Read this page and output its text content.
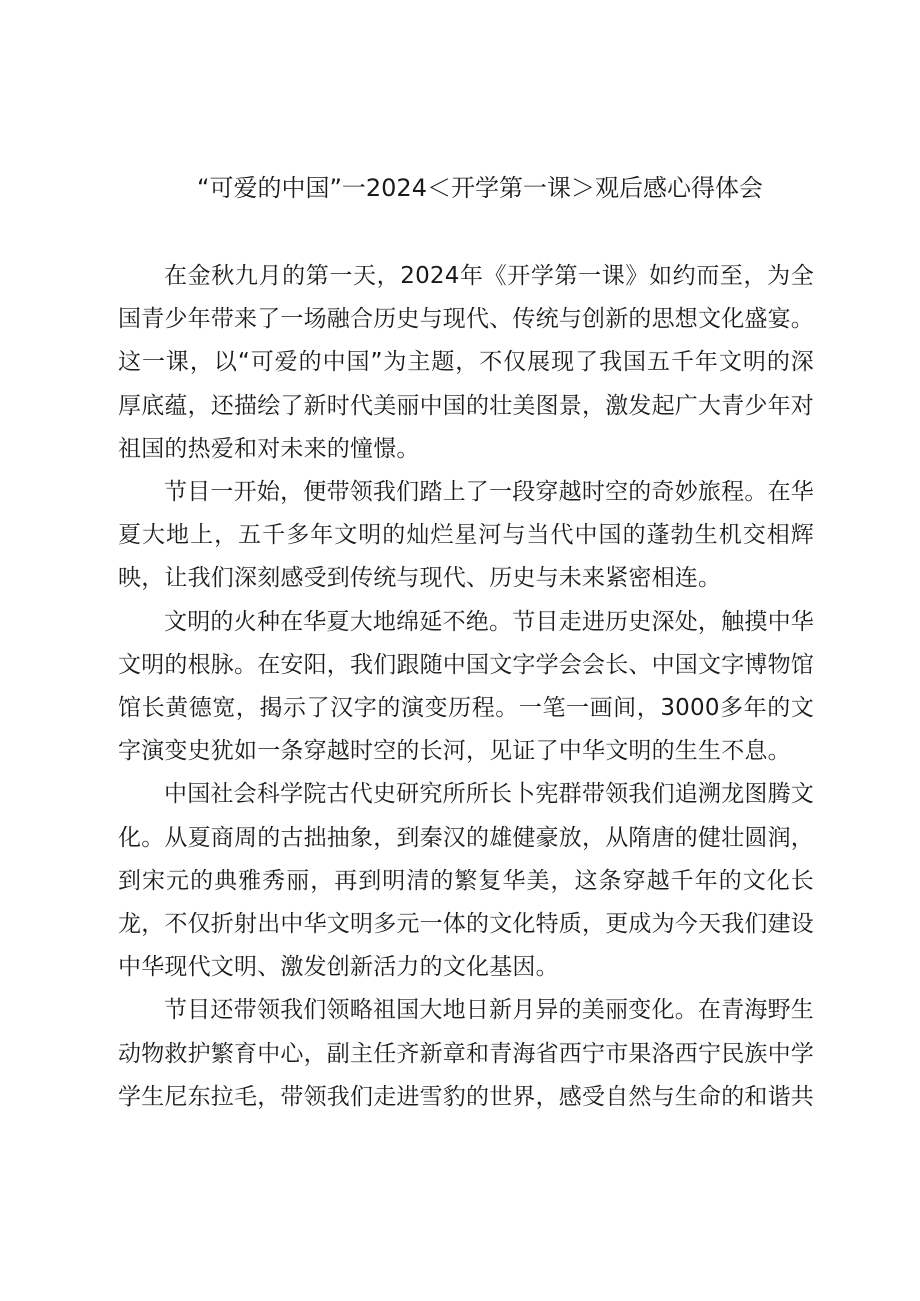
“可爱的中国”一2024＜开学第一课＞观后感心得体会

在金秋九月的第一天，2024年《开学第一课》如约而至，为全国青少年带来了一场融合历史与现代、传统与创新的思想文化盛宴。这一课，以“可爱的中国”为主题，不仅展现了我国五千年文明的深厚底蕴，还描绘了新时代美丽中国的壮美图景，激发起广大青少年对祖国的热爱和对未来的憧憬。

节目一开始，便带领我们踏上了一段穿越时空的奇妙旅程。在华夏大地上，五千多年文明的灿烂星河与当代中国的蓬勃生机交相辉映，让我们深刻感受到传统与现代、历史与未来紧密相连。

文明的火种在华夏大地绵延不绝。节目走进历史深处，触摸中华文明的根脉。在安阳，我们跟随中国文字学会会长、中国文字博物馆馆长黄德宽，揭示了汉字的演变历程。一笔一画间，3000多年的文字演变史犹如一条穿越时空的长河，见证了中华文明的生生不息。

中国社会科学院古代史研究所所长卜宪群带领我们追溯龙图腾文化。从夏商周的古拙抽象，到秦汉的雄健豪放，从隋唐的健壮圆润，到宋元的典雅秀丽，再到明清的繁复华美，这条穿越千年的文化长龙，不仅折射出中华文明多元一体的文化特质，更成为今天我们建设中华现代文明、激发创新活力的文化基因。

节目还带领我们领略祖国大地日新月异的美丽变化。在青海野生动物救护繁育中心，副主任齐新章和青海省西宁市果洛西宁民族中学学生尼东拉毛，带领我们走进雪豹的世界，感受自然与生命的和谐共
